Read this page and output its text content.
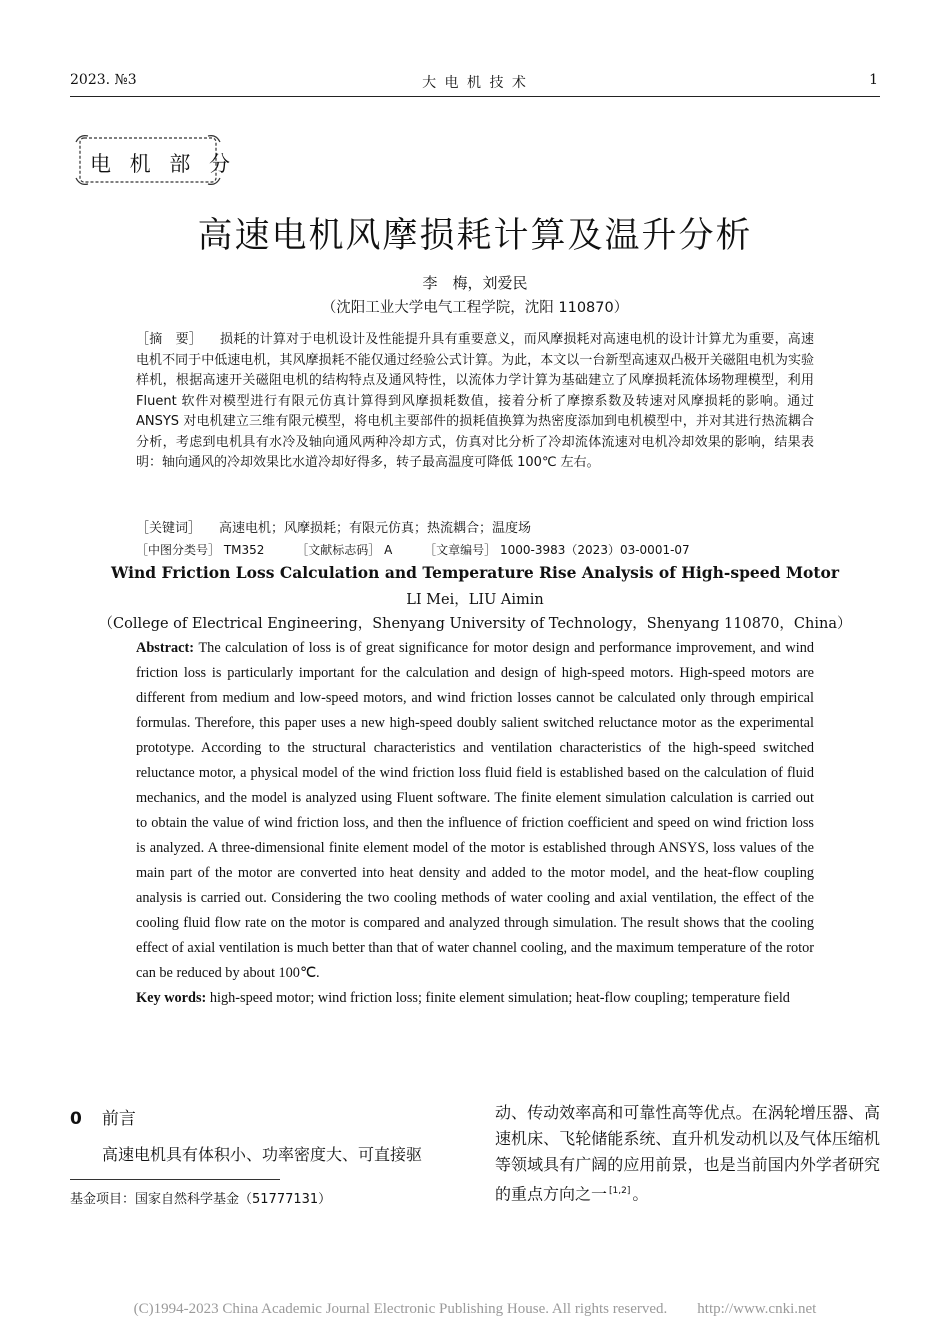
2023. №3	大 电 机 技 术	1
电 机 部 分
高速电机风摩损耗计算及温升分析
李　梅，刘爱民
（沈阳工业大学电气工程学院，沈阳 110870）
［摘　要］ 损耗的计算对于电机设计及性能提升具有重要意义，而风摩损耗对高速电机的设计计算尤为重要，高速电机不同于中低速电机，其风摩损耗不能仅通过经验公式计算。为此，本文以一台新型高速双凸极开关磁阻电机为实验样机，根据高速开关磁阻电机的结构特点及通风特性，以流体力学计算为基础建立了风摩损耗流体场物理模型，利用 Fluent 软件对模型进行有限元仿真计算得到风摩损耗数值，接着分析了摩擦系数及转速对风摩损耗的影响。通过 ANSYS 对电机建立三维有限元模型，将电机主要部件的损耗值换算为热密度添加到电机模型中，并对其进行热流耦合分析，考虑到电机具有水冷及轴向通风两种冷却方式，仿真对比分析了冷却流体流速对电机冷却效果的影响，结果表明：轴向通风的冷却效果比水道冷却好得多，转子最高温度可降低 100℃ 左右。
［关键词］ 高速电机；风摩损耗；有限元仿真；热流耦合；温度场
［中图分类号］ TM352	［文献标志码］ A	［文章编号］ 1000-3983（2023）03-0001-07
Wind Friction Loss Calculation and Temperature Rise Analysis of High-speed Motor
LI Mei，LIU Aimin
（College of Electrical Engineering，Shenyang University of Technology，Shenyang 110870，China）
Abstract: The calculation of loss is of great significance for motor design and performance improvement, and wind friction loss is particularly important for the calculation and design of high-speed motors. High-speed motors are different from medium and low-speed motors, and wind friction losses cannot be calculated only through empirical formulas. Therefore, this paper uses a new high-speed doubly salient switched reluctance motor as the experimental prototype. According to the structural characteristics and ventilation characteristics of the high-speed switched reluctance motor, a physical model of the wind friction loss fluid field is established based on the calculation of fluid mechanics, and the model is analyzed using Fluent software. The finite element simulation calculation is carried out to obtain the value of wind friction loss, and then the influence of friction coefficient and speed on wind friction loss is analyzed. A three-dimensional finite element model of the motor is established through ANSYS, loss values of the main part of the motor are converted into heat density and added to the motor model, and the heat-flow coupling analysis is carried out. Considering the two cooling methods of water cooling and axial ventilation, the effect of the cooling fluid flow rate on the motor is compared and analyzed through simulation. The result shows that the cooling effect of axial ventilation is much better than that of water channel cooling, and the maximum temperature of the rotor can be reduced by about 100℃.
Key words: high-speed motor; wind friction loss; finite element simulation; heat-flow coupling; temperature field
0 前言
高速电机具有体积小、功率密度大、可直接驱
基金项目：国家自然科学基金（51777131）
动、传动效率高和可靠性高等优点。在涡轮增压器、高速机床、飞轮储能系统、直升机发动机以及气体压缩机等领域具有广阔的应用前景，也是当前国内外学者研究的重点方向之一 [1,2] 。
(C)1994-2023 China Academic Journal Electronic Publishing House. All rights reserved.　　http://www.cnki.net
